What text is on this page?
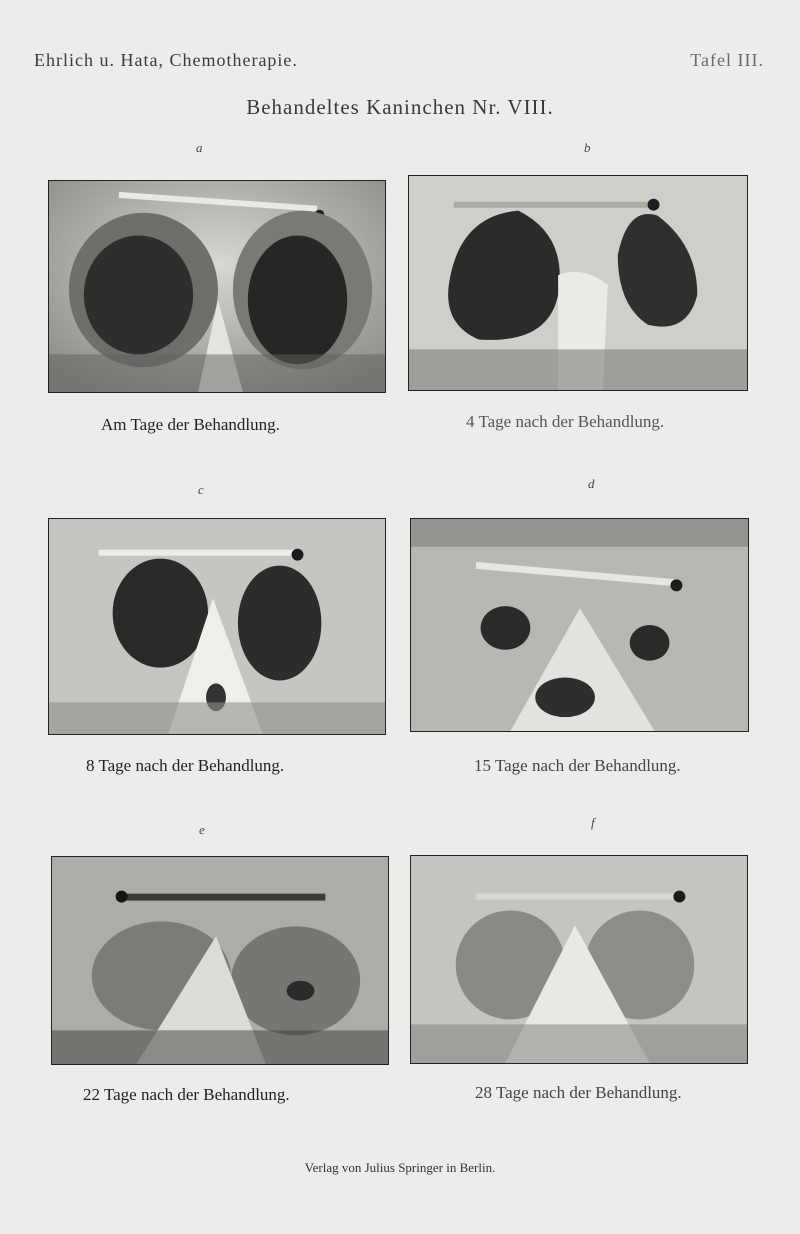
Ehrlich u. Hata, Chemotherapie.	Tafel III.
Behandeltes Kaninchen Nr. VIII.
a	b
Am Tage der Behandlung.	4 Tage nach der Behandlung.
c	d
8 Tage nach der Behandlung.	15 Tage nach der Behandlung.
e	f
22 Tage nach der Behandlung.	28 Tage nach der Behandlung.
Verlag von Julius Springer in Berlin.
